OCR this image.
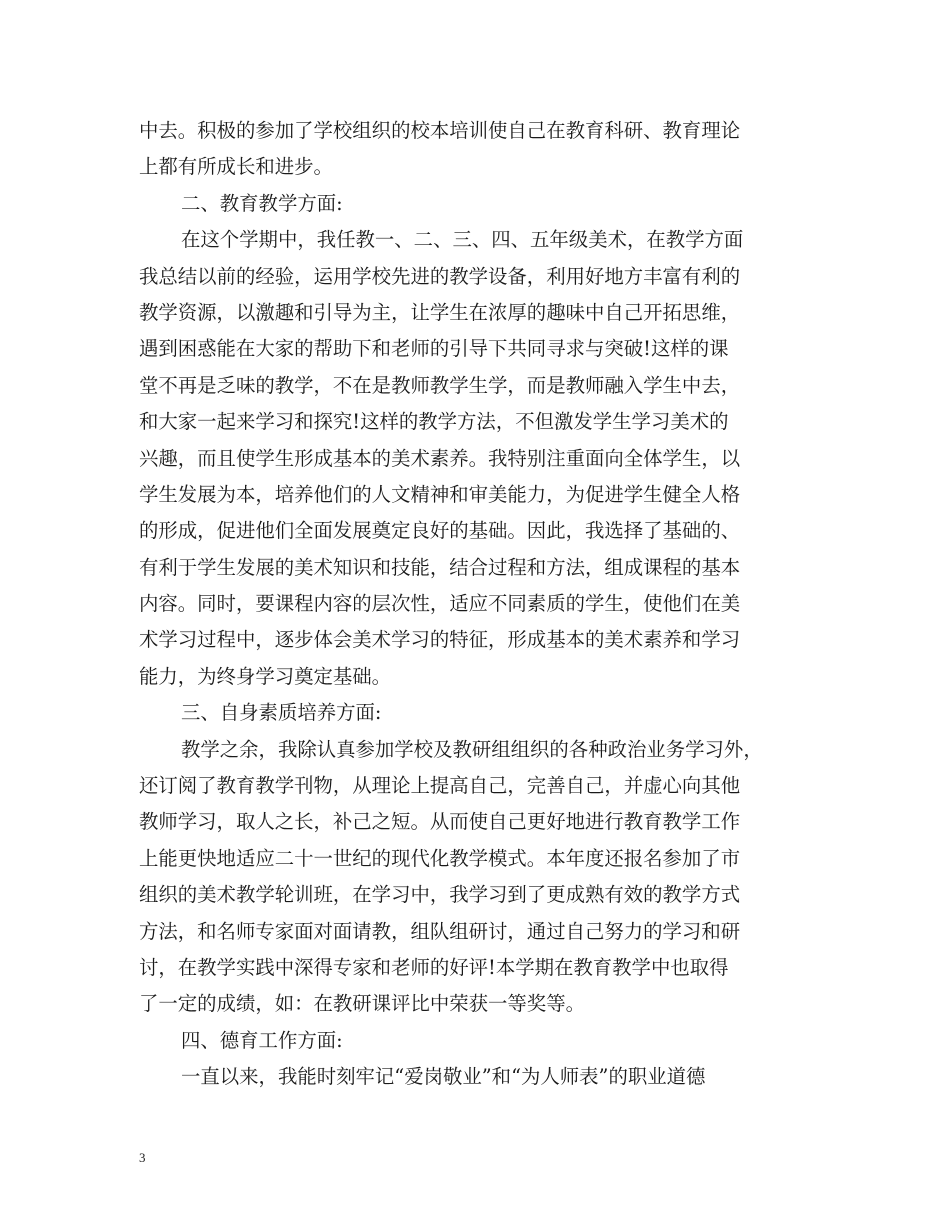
中去。积极的参加了学校组织的校本培训使自己在教育科研、教育理论
上都有所成长和进步。
二、教育教学方面:
在这个学期中，我任教一、二、三、四、五年级美术，在教学方面
我总结以前的经验，运用学校先进的教学设备，利用好地方丰富有利的
教学资源，以激趣和引导为主，让学生在浓厚的趣味中自己开拓思维，
遇到困惑能在大家的帮助下和老师的引导下共同寻求与突破!这样的课
堂不再是乏味的教学，不在是教师教学生学，而是教师融入学生中去，
和大家一起来学习和探究!这样的教学方法，不但激发学生学习美术的
兴趣，而且使学生形成基本的美术素养。我特别注重面向全体学生，以
学生发展为本，培养他们的人文精神和审美能力，为促进学生健全人格
的形成，促进他们全面发展奠定良好的基础。因此，我选择了基础的、
有利于学生发展的美术知识和技能，结合过程和方法，组成课程的基本
内容。同时，要课程内容的层次性，适应不同素质的学生，使他们在美
术学习过程中，逐步体会美术学习的特征，形成基本的美术素养和学习
能力，为终身学习奠定基础。
三、自身素质培养方面:
教学之余，我除认真参加学校及教研组组织的各种政治业务学习外，
还订阅了教育教学刊物，从理论上提高自己，完善自己，并虚心向其他
教师学习，取人之长，补己之短。从而使自己更好地进行教育教学工作
上能更快地适应二十一世纪的现代化教学模式。本年度还报名参加了市
组织的美术教学轮训班，在学习中，我学习到了更成熟有效的教学方式
方法，和名师专家面对面请教，组队组研讨，通过自己努力的学习和研
讨，在教学实践中深得专家和老师的好评!本学期在教育教学中也取得
了一定的成绩，如：在教研课评比中荣获一等奖等。
四、德育工作方面:
一直以来，我能时刻牢记“爱岗敬业”和“为人师表”的职业道德
3
